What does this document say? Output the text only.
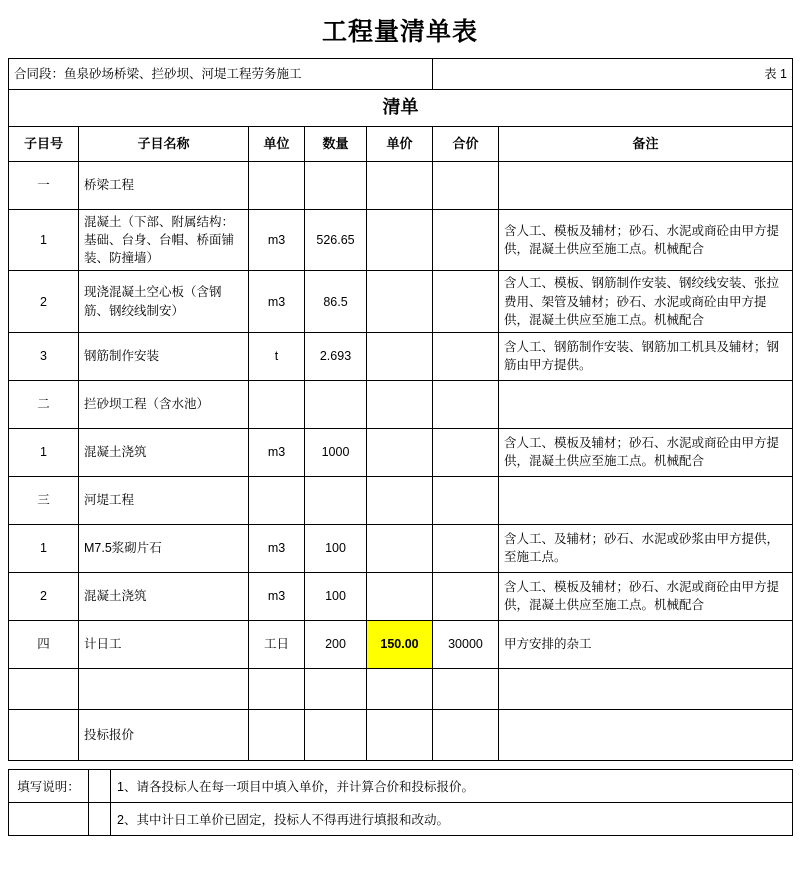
工程量清单表
合同段：鱼泉砂场桥梁、拦砂坝、河堤工程劳务施工					表 1	
清单						
子目号	子目名称	单位	数量	单价	合价	备注
一	桥梁工程					
1	混凝土（下部、附属结构：基础、台身、台帽、桥面铺装、防撞墙）	m3	526.65			含人工、模板及辅材；砂石、水泥或商砼由甲方提供，混凝土供应至施工点。机械配合
2	现浇混凝土空心板（含钢筋、钢绞线制安）	m3	86.5			含人工、模板、钢筋制作安装、钢绞线安装、张拉费用、架管及辅材；砂石、水泥或商砼由甲方提供，混凝土供应至施工点。机械配合
3	钢筋制作安装	t	2.693			含人工、钢筋制作安装、钢筋加工机具及辅材；钢筋由甲方提供。
二	拦砂坝工程（含水池）					
1	混凝土浇筑	m3	1000			含人工、模板及辅材；砂石、水泥或商砼由甲方提供，混凝土供应至施工点。机械配合
三	河堤工程					
1	M7.5浆砌片石	m3	100			含人工、及辅材；砂石、水泥或砂浆由甲方提供，至施工点。
2	混凝土浇筑	m3	100			含人工、模板及辅材；砂石、水泥或商砼由甲方提供，混凝土供应至施工点。机械配合
四	计日工	工日	200	150.00	30000	甲方安排的杂工

	投标报价					
填写说明：		1、请各投标人在每一项目中填入单价，并计算合价和投标报价。
		2、其中计日工单价已固定，投标人不得再进行填报和改动。
